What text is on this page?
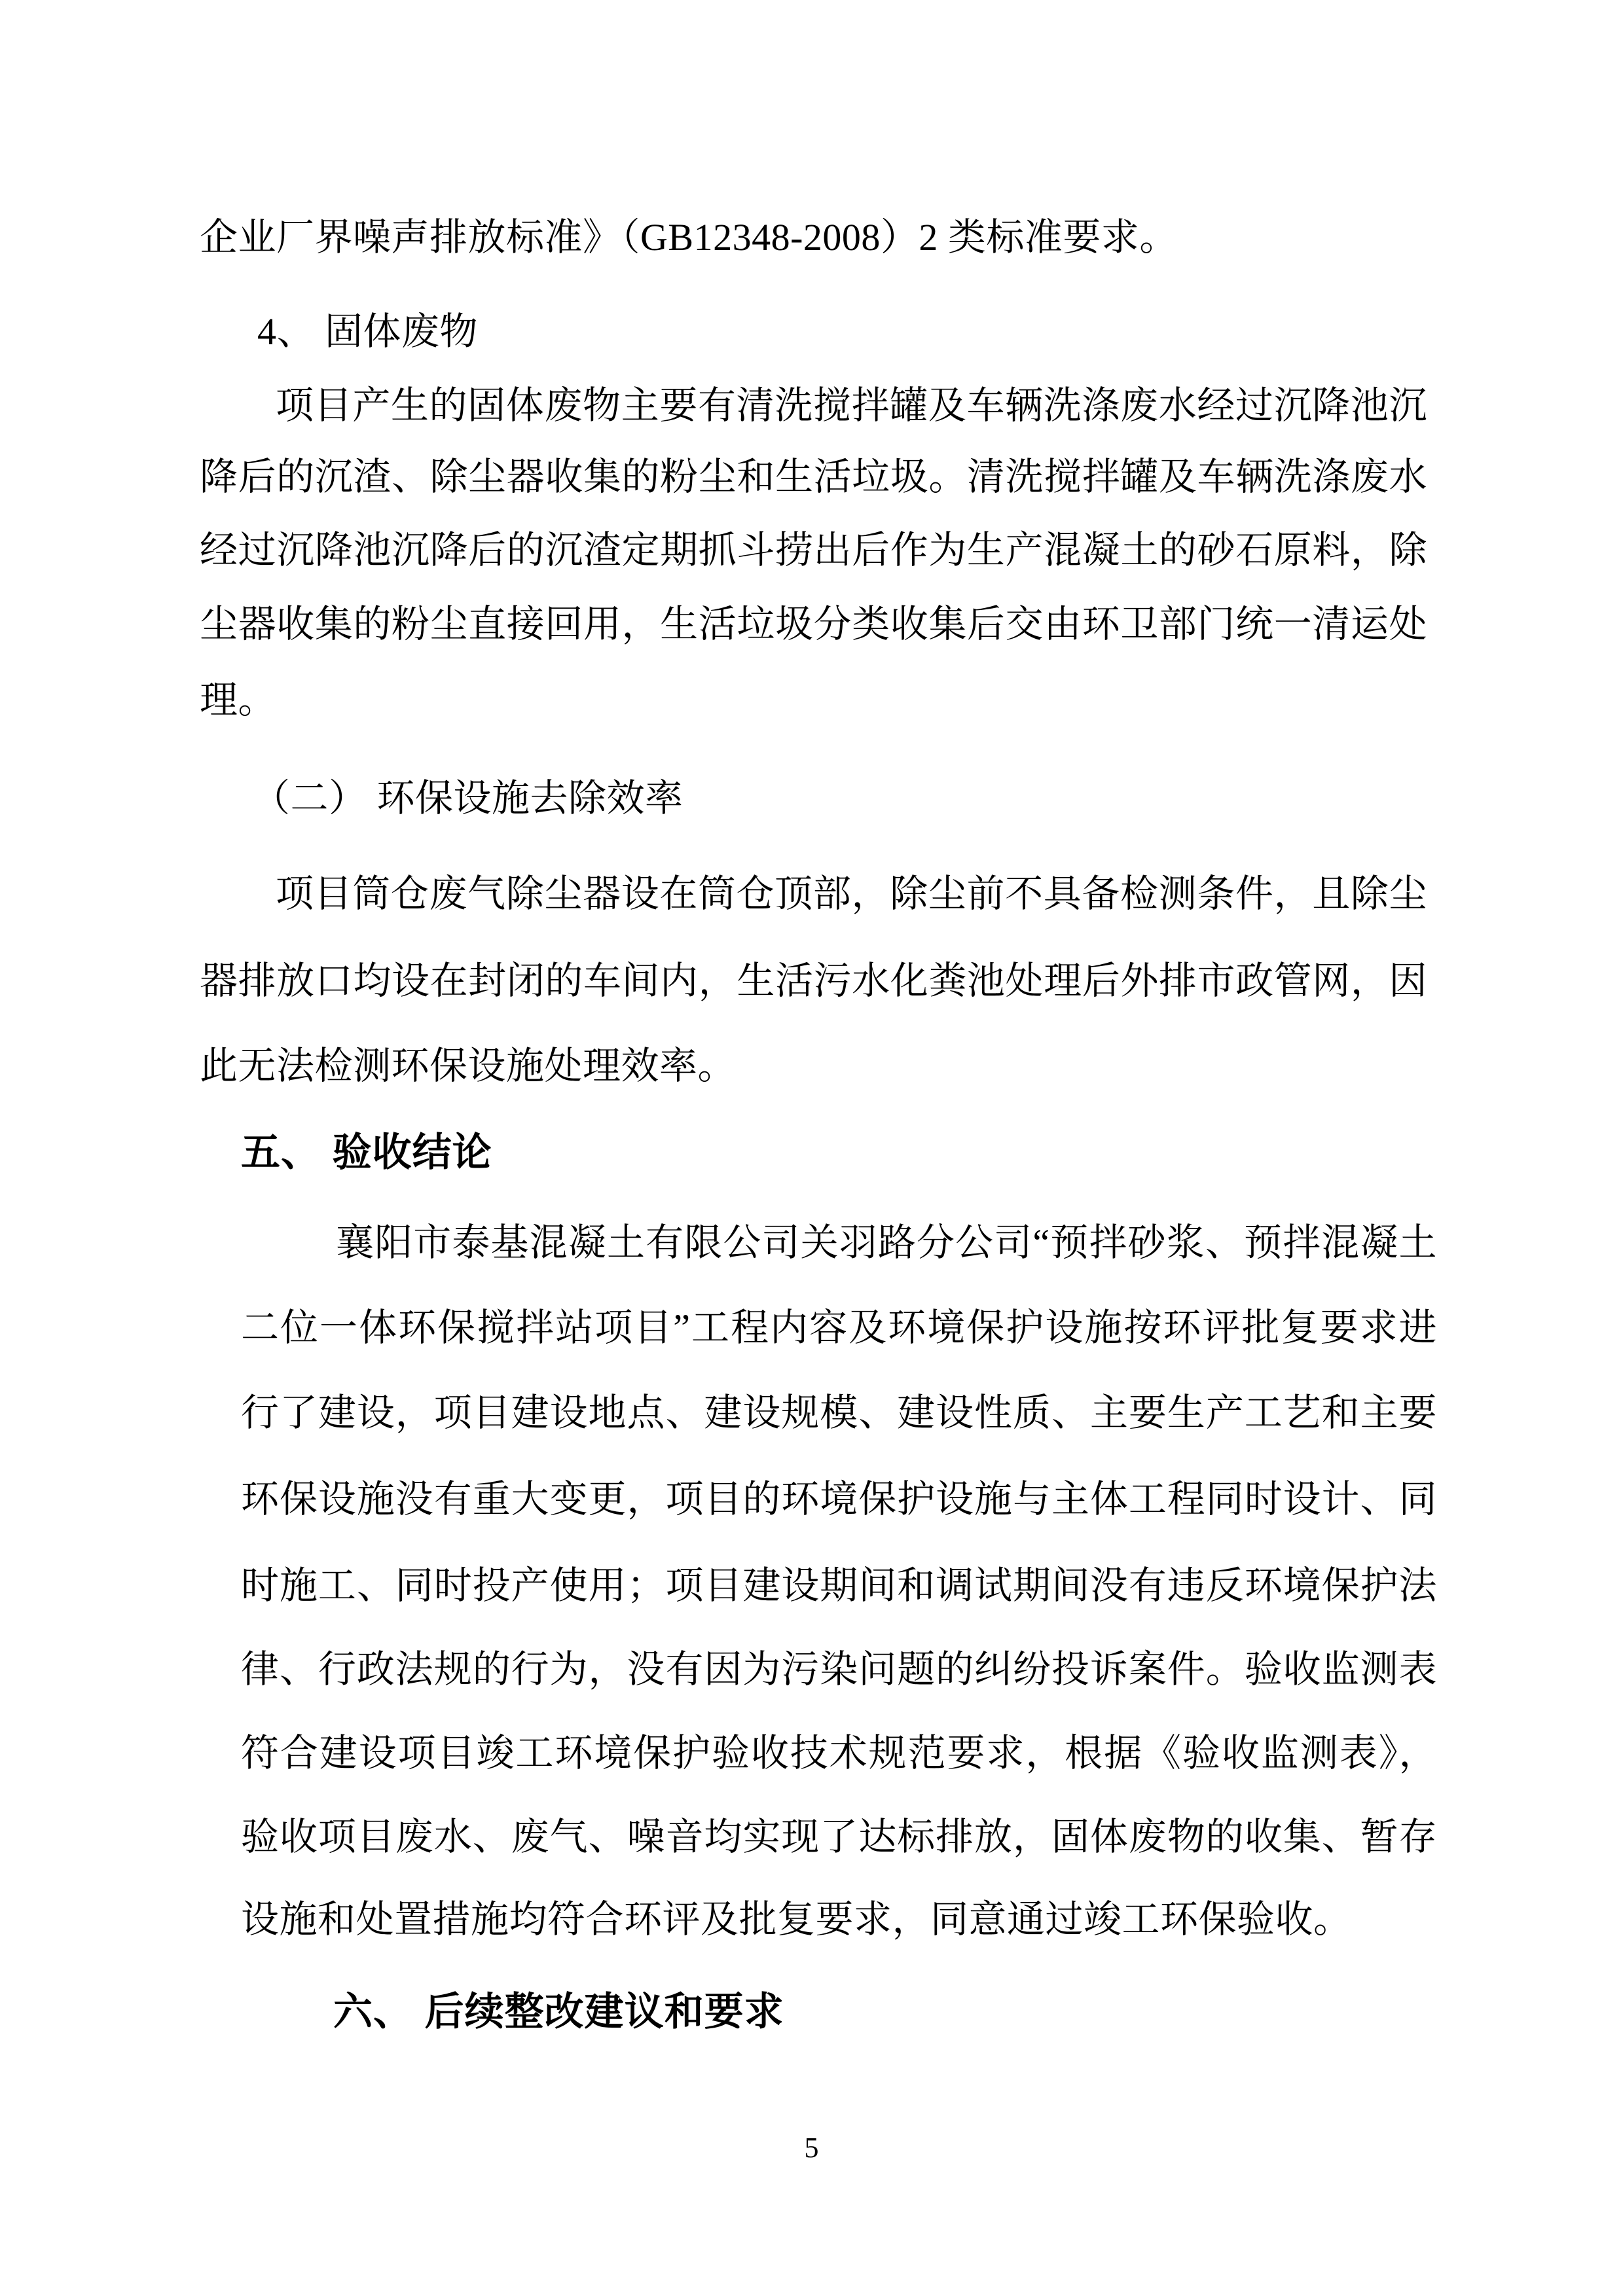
企业厂界噪声排放标准》（GB12348-2008）2 类标准要求。
4、 固体废物
项目产生的固体废物主要有清洗搅拌罐及车辆洗涤废水经过沉降池沉
降后的沉渣、除尘器收集的粉尘和生活垃圾。清洗搅拌罐及车辆洗涤废水
经过沉降池沉降后的沉渣定期抓斗捞出后作为生产混凝土的砂石原料，除
尘器收集的粉尘直接回用，生活垃圾分类收集后交由环卫部门统一清运处
理。
（二） 环保设施去除效率
项目筒仓废气除尘器设在筒仓顶部，除尘前不具备检测条件，且除尘
器排放口均设在封闭的车间内，生活污水化粪池处理后外排市政管网，因
此无法检测环保设施处理效率。
五、 验收结论
襄阳市泰基混凝土有限公司关羽路分公司“预拌砂浆、预拌混凝土
二位一体环保搅拌站项目”工程内容及环境保护设施按环评批复要求进
行了建设，项目建设地点、建设规模、建设性质、主要生产工艺和主要
环保设施没有重大变更，项目的环境保护设施与主体工程同时设计、同
时施工、同时投产使用；项目建设期间和调试期间没有违反环境保护法
律、行政法规的行为，没有因为污染问题的纠纷投诉案件。验收监测表
符合建设项目竣工环境保护验收技术规范要求，根据《验收监测表》，
验收项目废水、废气、噪音均实现了达标排放，固体废物的收集、暂存
设施和处置措施均符合环评及批复要求，同意通过竣工环保验收。
六、 后续整改建议和要求
5
